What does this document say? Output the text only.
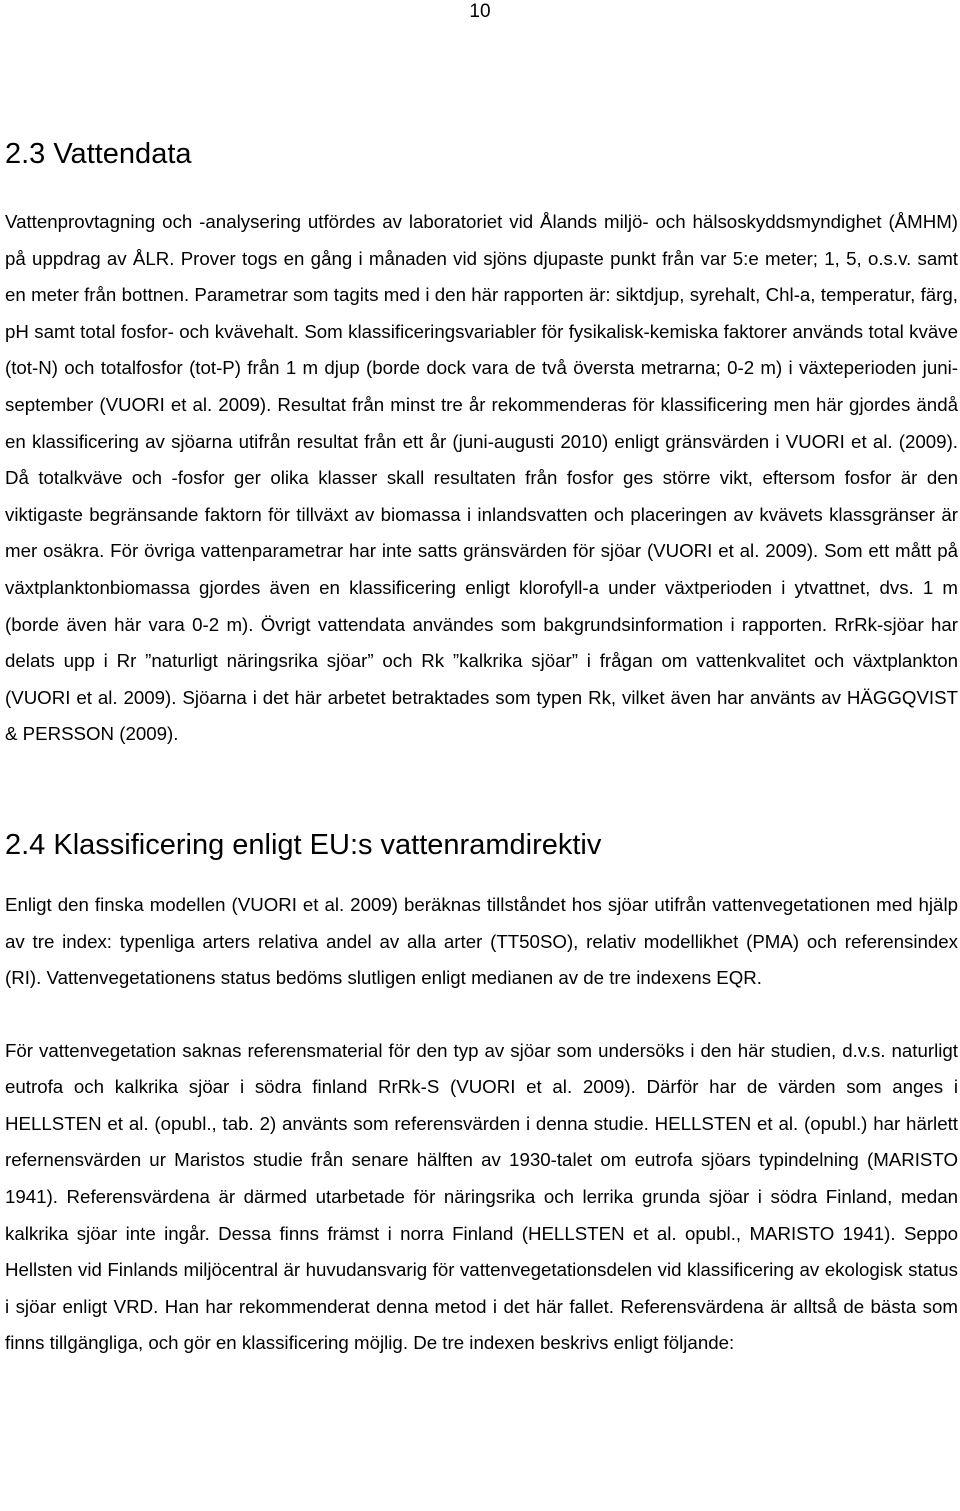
10
2.3 Vattendata

Vattenprovtagning och -analysering utfördes av laboratoriet vid Ålands miljö- och hälsoskyddsmyndighet (ÅMHM) på uppdrag av ÅLR. Prover togs en gång i månaden vid sjöns djupaste punkt från var 5:e meter; 1, 5, o.s.v. samt en meter från bottnen. Parametrar som tagits med i den här rapporten är: siktdjup, syrehalt, Chl-a, temperatur, färg, pH samt total fosfor- och kvävehalt. Som klassificeringsvariabler för fysikalisk-kemiska faktorer används total kväve (tot-N) och totalfosfor (tot-P) från 1 m djup (borde dock vara de två översta metrarna; 0-2 m) i växteperioden juni-september (VUORI et al. 2009). Resultat från minst tre år rekommenderas för klassificering men här gjordes ändå en klassificering av sjöarna utifrån resultat från ett år (juni-augusti 2010) enligt gränsvärden i VUORI et al. (2009). Då totalkväve och -fosfor ger olika klasser skall resultaten från fosfor ges större vikt, eftersom fosfor är den viktigaste begränsande faktorn för tillväxt av biomassa i inlandsvatten och placeringen av kvävets klassgränser är mer osäkra. För övriga vattenparametrar har inte satts gränsvärden för sjöar (VUORI et al. 2009). Som ett mått på växtplanktonbiomassa gjordes även en klassificering enligt klorofyll-a under växtperioden i ytvattnet, dvs. 1 m (borde även här vara 0-2 m). Övrigt vattendata användes som bakgrundsinformation i rapporten. RrRk-sjöar har delats upp i Rr ”naturligt näringsrika sjöar” och Rk ”kalkrika sjöar” i frågan om vattenkvalitet och växtplankton (VUORI et al. 2009). Sjöarna i det här arbetet betraktades som typen Rk, vilket även har använts av HÄGGQVIST & PERSSON (2009).

2.4 Klassificering enligt EU:s vattenramdirektiv

Enligt den finska modellen (VUORI et al. 2009) beräknas tillståndet hos sjöar utifrån vattenvegetationen med hjälp av tre index: typenliga arters relativa andel av alla arter (TT50SO), relativ modellikhet (PMA) och referensindex (RI). Vattenvegetationens status bedöms slutligen enligt medianen av de tre indexens EQR.

För vattenvegetation saknas referensmaterial för den typ av sjöar som undersöks i den här studien, d.v.s. naturligt eutrofa och kalkrika sjöar i södra finland RrRk-S (VUORI et al. 2009). Därför har de värden som anges i HELLSTEN et al. (opubl., tab. 2) använts som referensvärden i denna studie. HELLSTEN et al. (opubl.) har härlett refernensvärden ur Maristos studie från senare hälften av 1930-talet om eutrofa sjöars typindelning (MARISTO 1941). Referensvärdena är därmed utarbetade för näringsrika och lerrika grunda sjöar i södra Finland, medan kalkrika sjöar inte ingår. Dessa finns främst i norra Finland (HELLSTEN et al. opubl., MARISTO 1941). Seppo Hellsten vid Finlands miljöcentral är huvudansvarig för vattenvegetationsdelen vid klassificering av ekologisk status i sjöar enligt VRD. Han har rekommenderat denna metod i det här fallet. Referensvärdena är alltså de bästa som finns tillgängliga, och gör en klassificering möjlig. De tre indexen beskrivs enligt följande:
